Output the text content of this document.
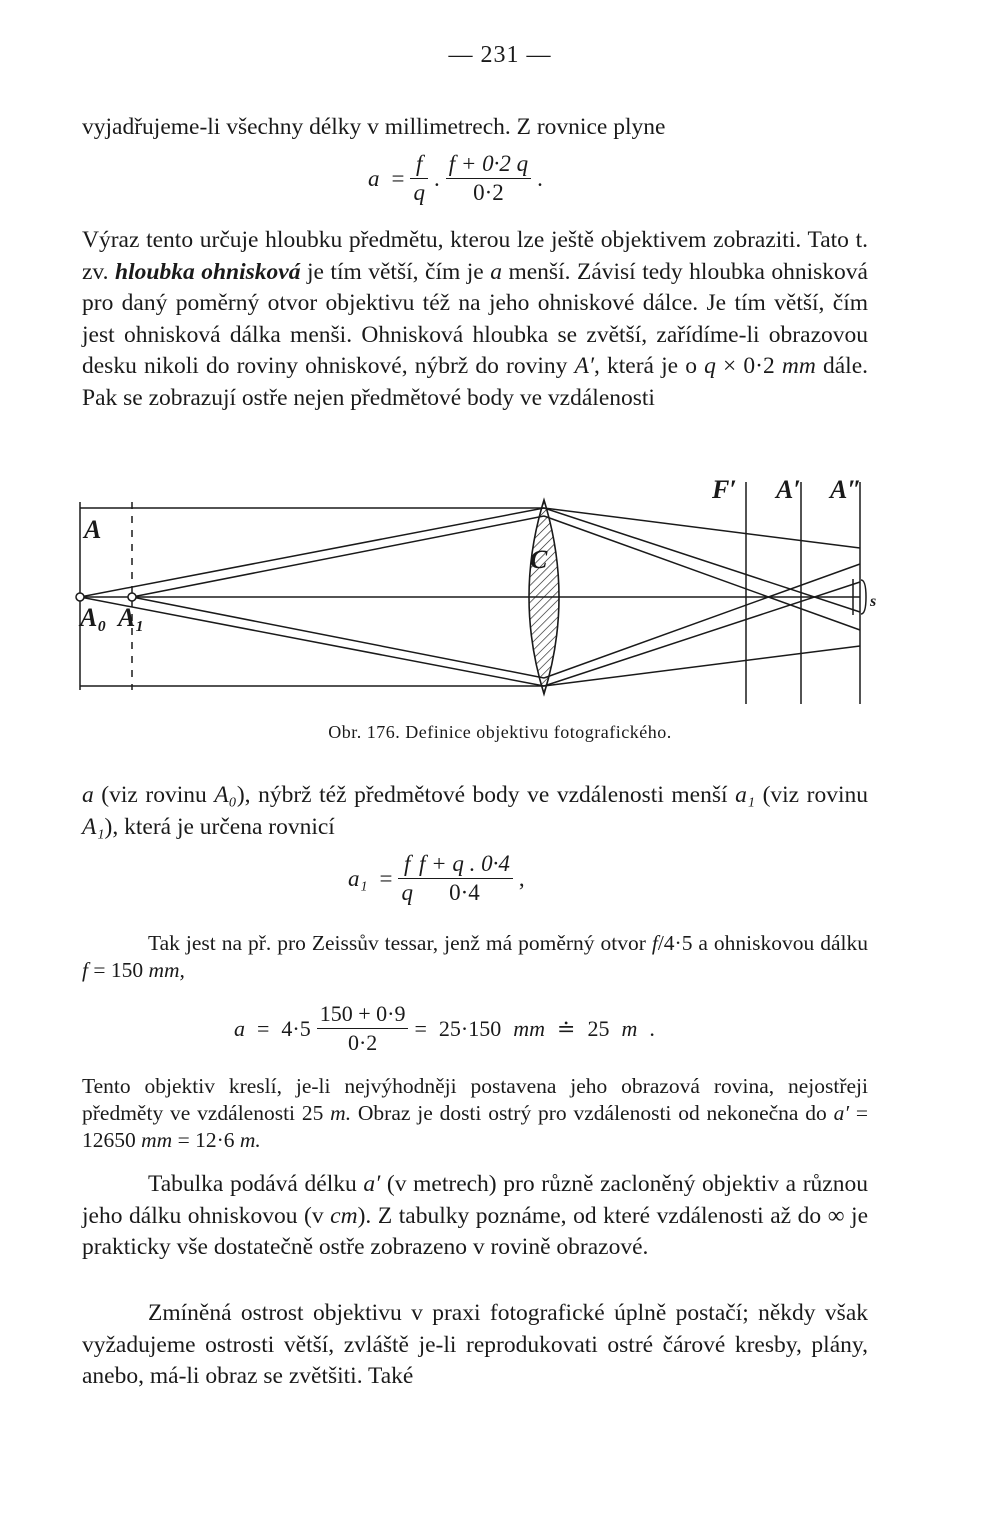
— 231 —

vyjadřujeme-li všechny délky v millimetrech. Z rovnice plyne

$a = \frac{f}{q}$ . $\frac{f + 0\cdot 2 q}{0\cdot 2}$ .

Výraz tento určuje hloubku předmětu, kterou lze ještě objektivem zobraziti. Tato t. zv. hloubka ohnisková je tím větší, čím je a menší. Závisí tedy hloubka ohnisková pro daný poměrný otvor objektivu též na jeho ohniskové dálce. Je tím větší, čím jest ohnisková dálka menši. Ohnisková hloubka se zvětší, zařídíme-li obrazovou desku nikoli do roviny ohniskové, nýbrž do roviny A′, která je o q × 0·2 mm dále. Pak se zobrazují ostře nejen předmětové body ve vzdálenosti

A
A₀ A₁
C
F′ A′ A″
s
Obr. 176. Definice objektivu fotografického.

a (viz rovinu A₀), nýbrž též předmětové body ve vzdálenosti menší a₁ (viz rovinu A₁), která je určena rovnicí

$a_1 = \frac{f}{q} \frac{f + q . 0\cdot 4}{0\cdot 4}$ ,

Tak jest na př. pro Zeissův tessar, jenž má poměrný otvor f/4·5 a ohniskovou dálku f = 150 mm,

$a = 4\cdot 5 \frac{150 + 0\cdot 9}{0\cdot 2} = 25\cdot 150$ mm ≐ 25 m .

Tento objektiv kreslí, je-li nejvýhodněji postavena jeho obrazová rovina, nejostřeji předměty ve vzdálenosti 25 m. Obraz je dosti ostrý pro vzdálenosti od nekonečna do a′ = 12650 mm = 12·6 m.

Tabulka podává délku a′ (v metrech) pro různě zacloněný objektiv a různou jeho dálku ohniskovou (v cm). Z tabulky poznáme, od které vzdálenosti až do ∞ je prakticky vše dostatečně ostře zobrazeno v rovině obrazové.

Zmíněná ostrost objektivu v praxi fotografické úplně postačí; někdy však vyžadujeme ostrosti větší, zvláště je-li reprodukovati ostré čárové kresby, plány, anebo, má-li obraz se zvětšiti. Také
